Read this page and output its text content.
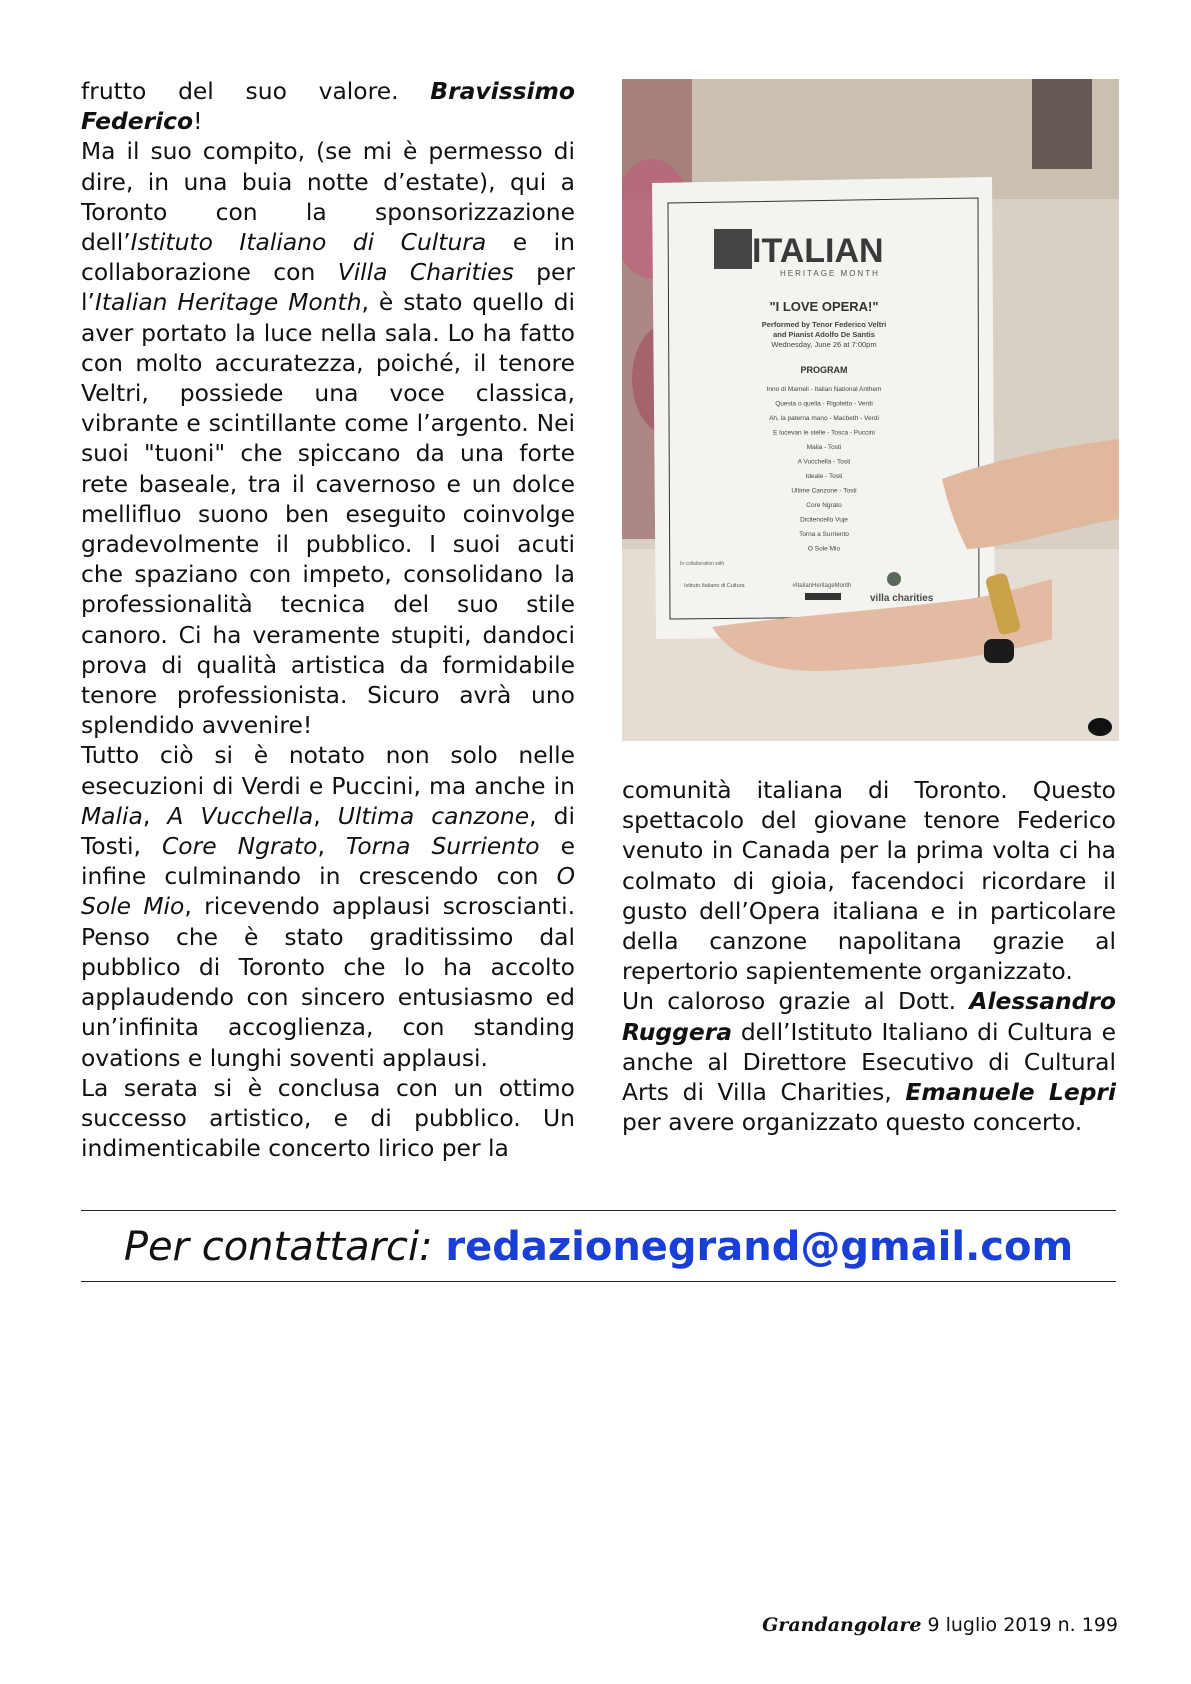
frutto del suo valore. Bravissimo Federico!

Ma il suo compito, (se mi è permesso di dire, in una buia notte d’estate), qui a Toronto con la sponsorizzazione dell’Istituto Italiano di Cultura e in collaborazione con Villa Charities per l’Italian Heritage Month, è stato quello di aver portato la luce nella sala. Lo ha fatto con molto accuratezza, poiché, il tenore Veltri, possiede una voce classica, vibrante e scintillante come l’argento. Nei suoi "tuoni" che spiccano da una forte rete baseale, tra il cavernoso e un dolce mellifluo suono ben eseguito coinvolge gradevolmente il pubblico. I suoi acuti che spaziano con impeto, consolidano la professionalità tecnica del suo stile canoro. Ci ha veramente stupiti, dandoci prova di qualità artistica da formidabile tenore professionista. Sicuro avrà uno splendido avvenire!

Tutto ciò si è notato non solo nelle esecuzioni di Verdi e Puccini, ma anche in Malia, A Vucchella, Ultima canzone, di Tosti, Core Ngrato, Torna Surriento e infine culminando in crescendo con O Sole Mio, ricevendo applausi scroscianti. Penso che è stato graditissimo dal pubblico di Toronto che lo ha accolto applaudendo con sincero entusiasmo ed un’infinita accoglienza, con standing ovations e lunghi soventi applausi.

La serata si è conclusa con un ottimo successo artistico, e di pubblico. Un indimenticabile concerto lirico per la

ITALIAN
HERITAGE MONTH
"I LOVE OPERA!"
Performed by Tenor Federico Veltri
and Pianist Adolfo De Santis
Wednesday, June 26 at 7:00pm
PROGRAM
Inno di Mameli - Italian National Anthem
Questa o quella - Rigoletto - Verdi
Ah, la paterna mano - Macbeth - Verdi
E lucevan le stelle - Tosca - Puccini
Malia - Tosti
A Vucchella - Tosti
Ideale - Tosti
Ultime Canzone - Tosti
Core Ngrato
Dicitencello Vuje
Torna a Surriento
O Sole Mio
In collaboration with
Istituto Italiano di Cultura	#ItalianHeritageMonth
villa charities

comunità italiana di Toronto. Questo spettacolo del giovane tenore Federico venuto in Canada per la prima volta ci ha colmato di gioia, facendoci ricordare il gusto dell’Opera italiana e in particolare della canzone napolitana grazie al repertorio sapientemente organizzato.

Un caloroso grazie al Dott. Alessandro Ruggera dell’Istituto Italiano di Cultura e anche al Direttore Esecutivo di Cultural Arts di Villa Charities, Emanuele Lepri per avere organizzato questo concerto.

Per contattarci: redazionegrand@gmail.com
Grandangolare 9 luglio 2019 n. 199
